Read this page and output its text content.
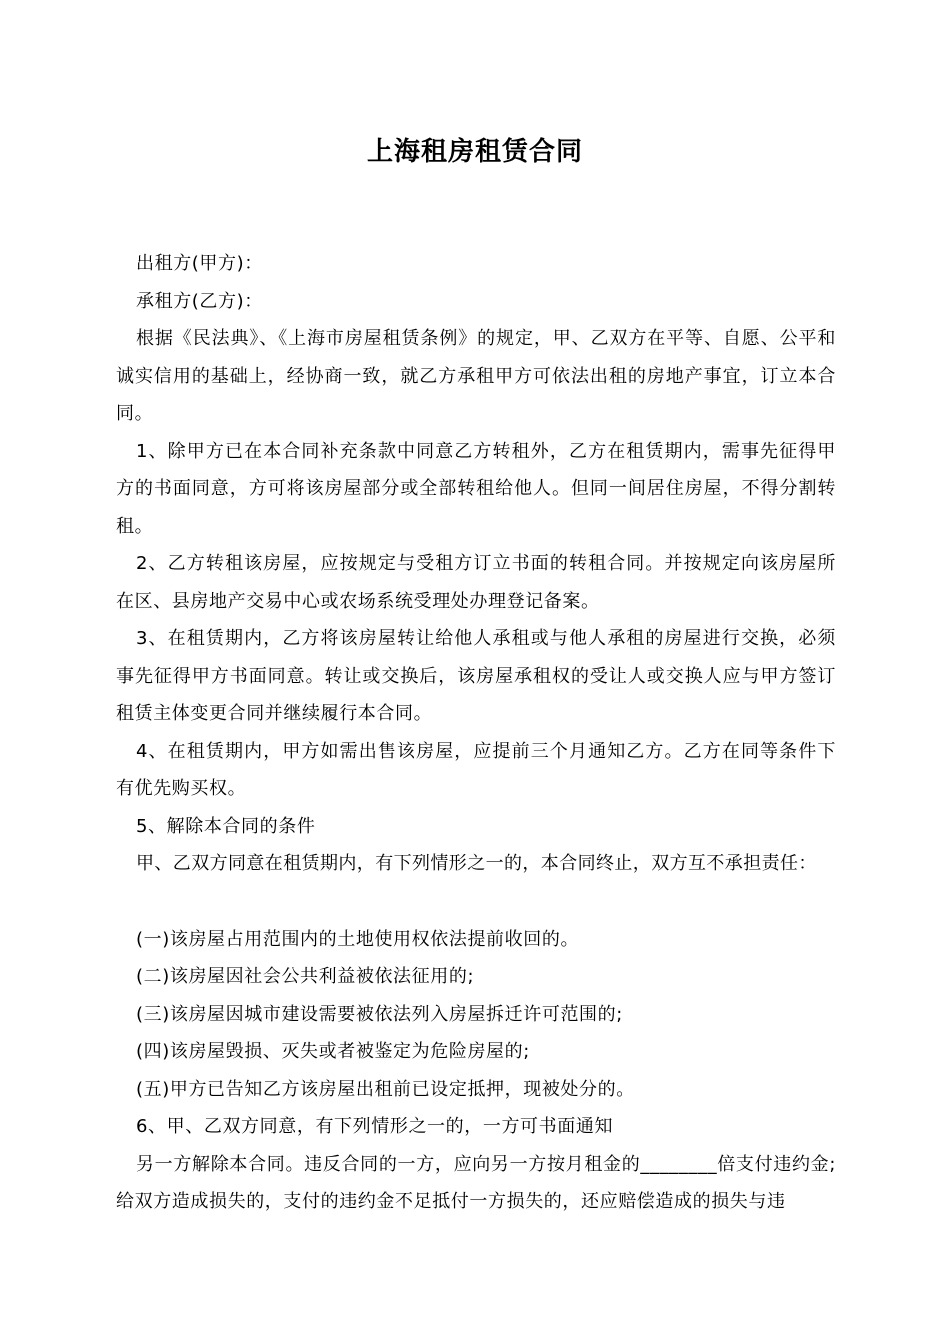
上海租房租赁合同

出租方(甲方)：

承租方(乙方)：

根据《民法典》、《上海市房屋租赁条例》的规定，甲、乙双方在平等、自愿、公平和诚实信用的基础上，经协商一致，就乙方承租甲方可依法出租的房地产事宜，订立本合同。

1、除甲方已在本合同补充条款中同意乙方转租外，乙方在租赁期内，需事先征得甲方的书面同意，方可将该房屋部分或全部转租给他人。但同一间居住房屋，不得分割转租。

2、乙方转租该房屋，应按规定与受租方订立书面的转租合同。并按规定向该房屋所在区、县房地产交易中心或农场系统受理处办理登记备案。

3、在租赁期内，乙方将该房屋转让给他人承租或与他人承租的房屋进行交换，必须事先征得甲方书面同意。转让或交换后，该房屋承租权的受让人或交换人应与甲方签订租赁主体变更合同并继续履行本合同。

4、在租赁期内，甲方如需出售该房屋，应提前三个月通知乙方。乙方在同等条件下有优先购买权。

5、解除本合同的条件

甲、乙双方同意在租赁期内，有下列情形之一的，本合同终止，双方互不承担责任：

(一)该房屋占用范围内的土地使用权依法提前收回的。

(二)该房屋因社会公共利益被依法征用的;

(三)该房屋因城市建设需要被依法列入房屋拆迁许可范围的;

(四)该房屋毁损、灭失或者被鉴定为危险房屋的;

(五)甲方已告知乙方该房屋出租前已设定抵押，现被处分的。

6、甲、乙双方同意，有下列情形之一的，一方可书面通知

另一方解除本合同。违反合同的一方，应向另一方按月租金的________倍支付违约金;给双方造成损失的，支付的违约金不足抵付一方损失的，还应赔偿造成的损失与违
